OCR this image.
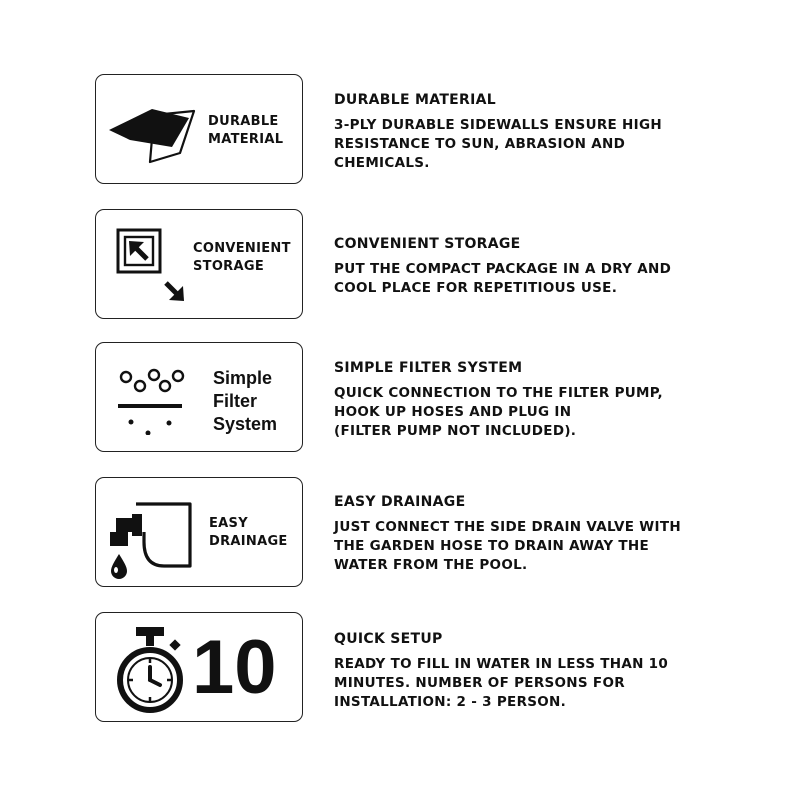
DURABLE
MATERIAL
DURABLE MATERIAL
3-PLY DURABLE SIDEWALLS ENSURE HIGH
RESISTANCE TO SUN, ABRASION AND
CHEMICALS.
CONVENIENT
STORAGE
CONVENIENT STORAGE
PUT THE COMPACT PACKAGE IN A DRY AND
COOL PLACE FOR REPETITIOUS USE.
Simple
Filter
System
SIMPLE FILTER SYSTEM
QUICK CONNECTION TO THE FILTER PUMP,
HOOK UP HOSES AND PLUG IN
(FILTER PUMP NOT INCLUDED).
EASY
DRAINAGE
EASY DRAINAGE
JUST CONNECT THE SIDE DRAIN VALVE WITH
THE GARDEN HOSE TO DRAIN AWAY THE
WATER FROM THE POOL.
10	QUICK SETUP
READY TO FILL IN WATER IN LESS THAN 10
MINUTES. NUMBER OF PERSONS FOR
INSTALLATION: 2 - 3 PERSON.
